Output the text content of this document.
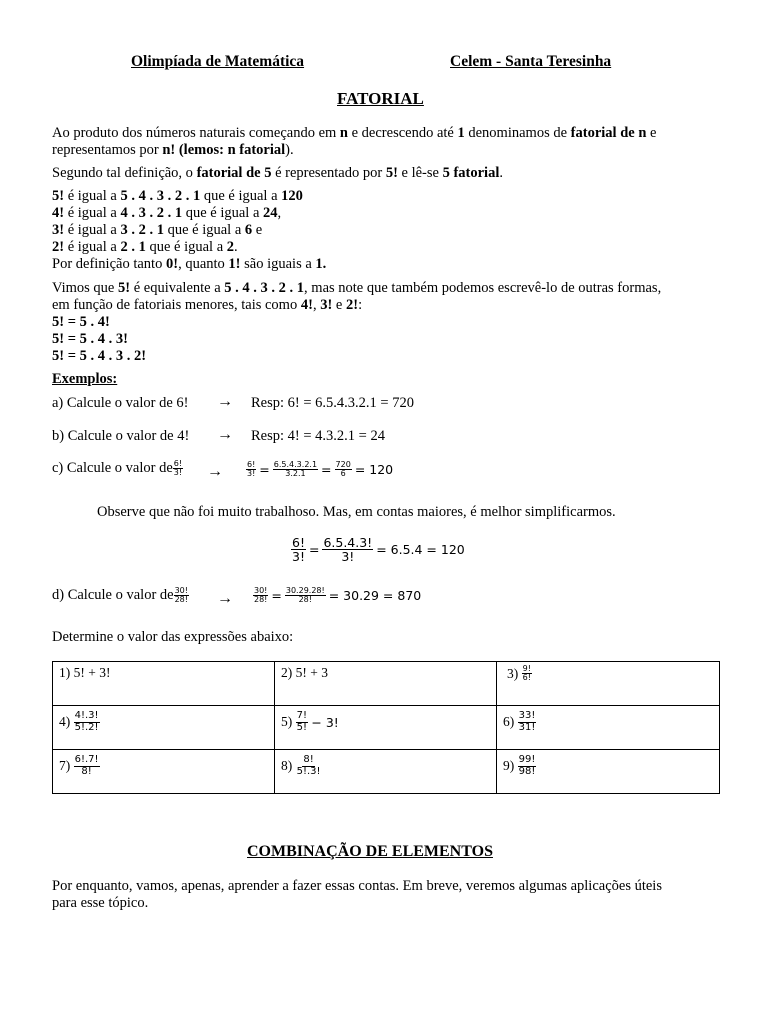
Olimpíada de Matemática	Celem - Santa Teresinha
FATORIAL

Ao produto dos números naturais começando em n e decrescendo até 1 denominamos de fatorial de n e

representamos por n! (lemos: n fatorial).

Segundo tal definição, o fatorial de 5 é representado por 5! e lê-se 5 fatorial.

5! é igual a 5 . 4 . 3 . 2 . 1 que é igual a 120

4! é igual a 4 . 3 . 2 . 1 que é igual a 24,

3! é igual a 3 . 2 . 1 que é igual a 6 e

2! é igual a 2 . 1 que é igual a 2.

Por definição tanto 0!, quanto 1! são iguais a 1.

Vimos que 5! é equivalente a 5 . 4 . 3 . 2 . 1, mas note que também podemos escrevê-lo de outras formas,

em função de fatoriais menores, tais como 4!, 3! e 2!:

5! = 5 . 4!

5! = 5 . 4 . 3!

5! = 5 . 4 . 3 . 2!

Exemplos:
a) Calcule o valor de 6! → Resp: 6! = 6.5.4.3.2.1 = 720
b) Calcule o valor de 4! → Resp: 4! = 4.3.2.1 = 24
c) Calcule o valor de $\frac{6!}{3!}$ →	$\frac{6!}{3!} = \frac{6.5.4.3.2.1}{3.2.1} = \frac{720}{6} = 120$
Observe que não foi muito trabalhoso. Mas, em contas maiores, é melhor simplificarmos.
$\frac{6!}{3!} = \frac{6.5.4.3!}{3!} = 6.5.4 = 120$
d) Calcule o valor de $\frac{30!}{28!}$ →	$\frac{30!}{28!} = \frac{30.29.28!}{28!} = 30.29 = 870$
Determine o valor das expressões abaixo:
1) 5! + 3!	2) 5! + 3	3)
$\frac{9!}{6!}$

4)
$\frac{4!.3!}{5!.2!}$	5)
$\frac{7!}{5!}$
− 3!	6)
$\frac{33!}{31!}$

7)
$\frac{6!.7!}{8!}$	8)
$\frac{8!}{5!.3!}$	9)
$\frac{99!}{98!}$
COMBINAÇÃO DE ELEMENTOS

Por enquanto, vamos, apenas, aprender a fazer essas contas. Em breve, veremos algumas aplicações úteis

para esse tópico.
